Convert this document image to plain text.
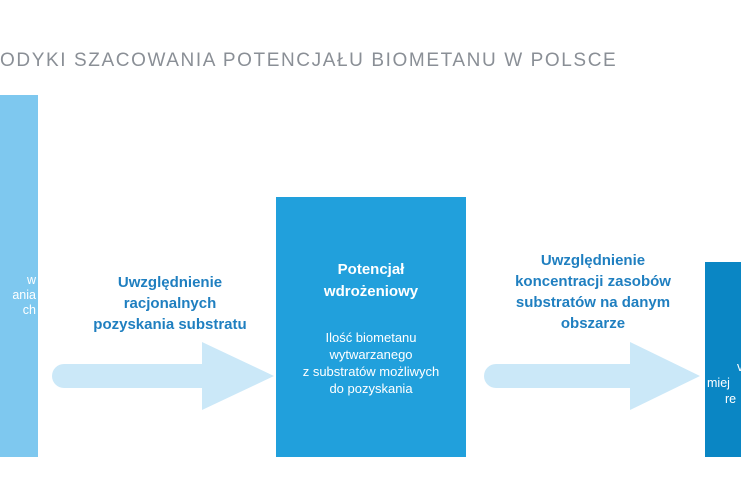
ODYKI SZACOWANIA POTENCJAŁU BIOMETANU W POLSCE
w
ania
ch
Uwzględnienie
racjonalnych
pozyskania substratu
Potencjał
wdrożeniowy
Ilość biometanu
wytwarzanego
z substratów możliwych
do pozyskania
Uwzględnienie
koncentracji zasobów
substratów na danym
obszarze
v
miej
re
